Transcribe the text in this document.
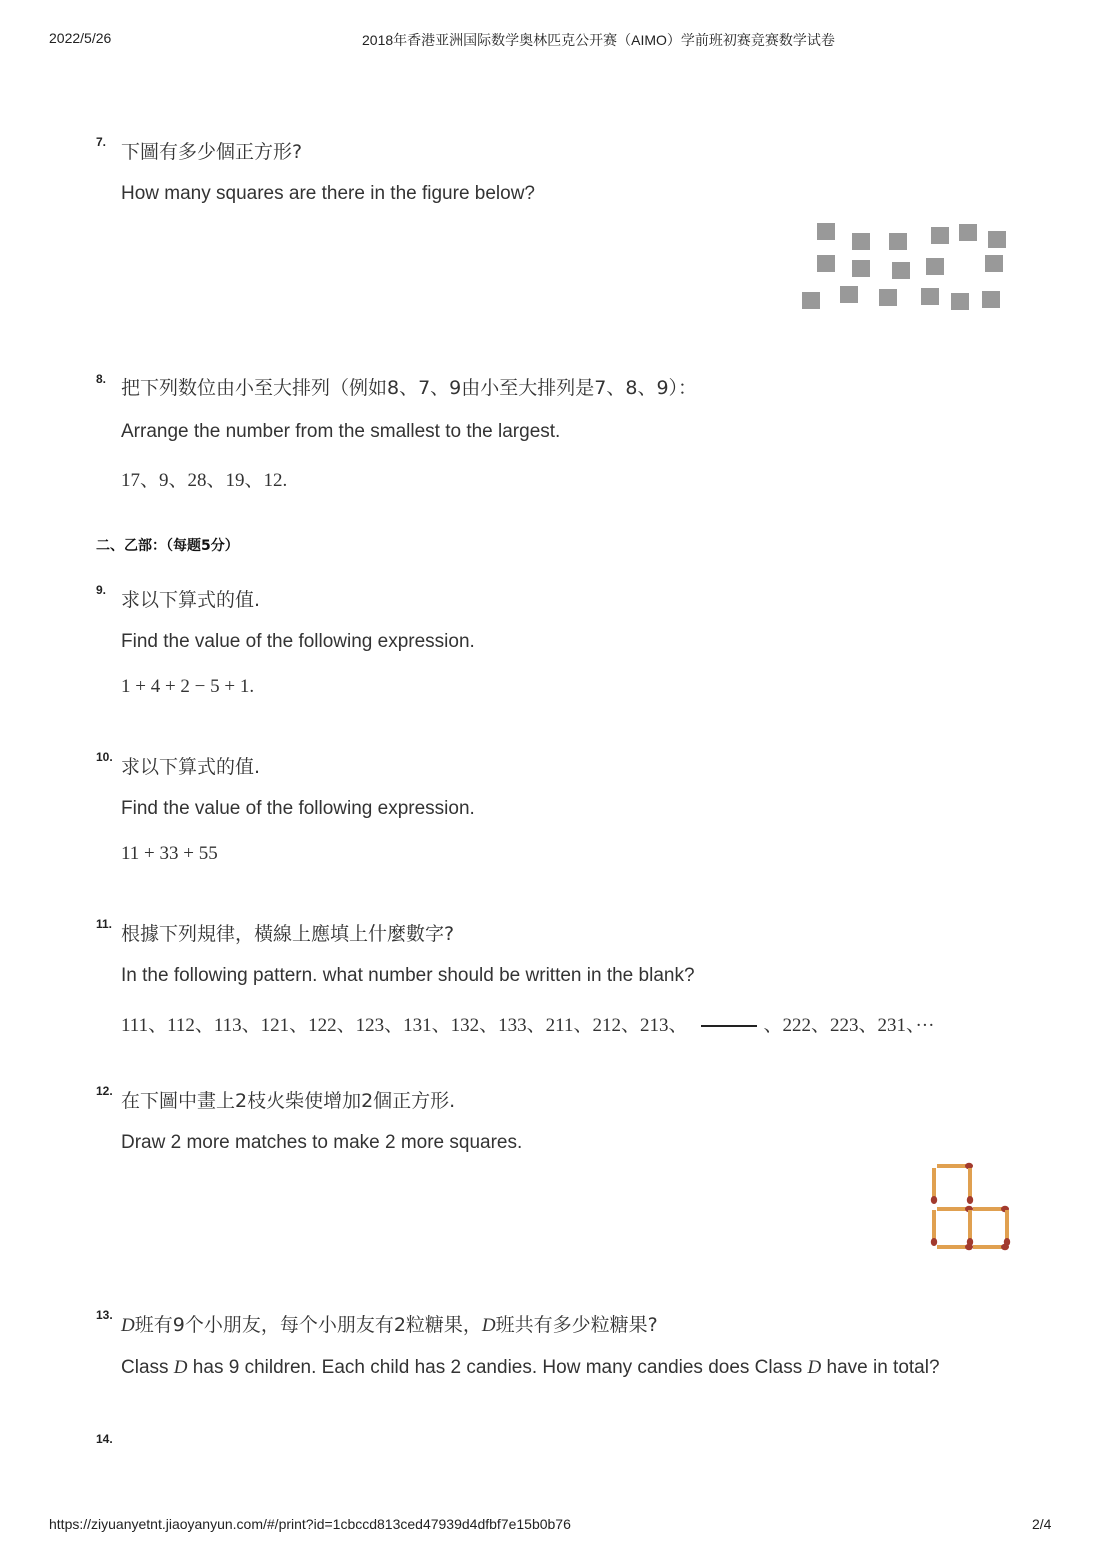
2022/5/26	2018年香港亚洲国际数学奥林匹克公开赛（AIMO）学前班初赛竞赛数学试卷
7. 下圖有多少個正方形?
How many squares are there in the figure below?
8. 把下列数位由小至大排列（例如8、7、9由小至大排列是7、8、9）：
Arrange the number from the smallest to the largest.
17、9、28、19、12.
二、乙部：（每题5分）
9. 求以下算式的值.
Find the value of the following expression.
1 + 4 + 2 − 5 + 1.
10. 求以下算式的值.
Find the value of the following expression.
11 + 33 + 55
11. 根據下列規律，橫線上應填上什麼數字?
In the following pattern. what number should be written in the blank?
111、112、113、121、122、123、131、132、133、211、212、213、	、222、223、231、···
12. 在下圖中畫上2枝火柴使增加2個正方形.
Draw 2 more matches to make 2 more squares.
13. D班有9个小朋友，每个小朋友有2粒糖果，D班共有多少粒糖果?
Class D has 9 children. Each child has 2 candies. How many candies does Class D have in total?
14.
https://ziyuanyetnt.jiaoyanyun.com/#/print?id=1cbccd813ced47939d4dfbf7e15b0b76	2/4
